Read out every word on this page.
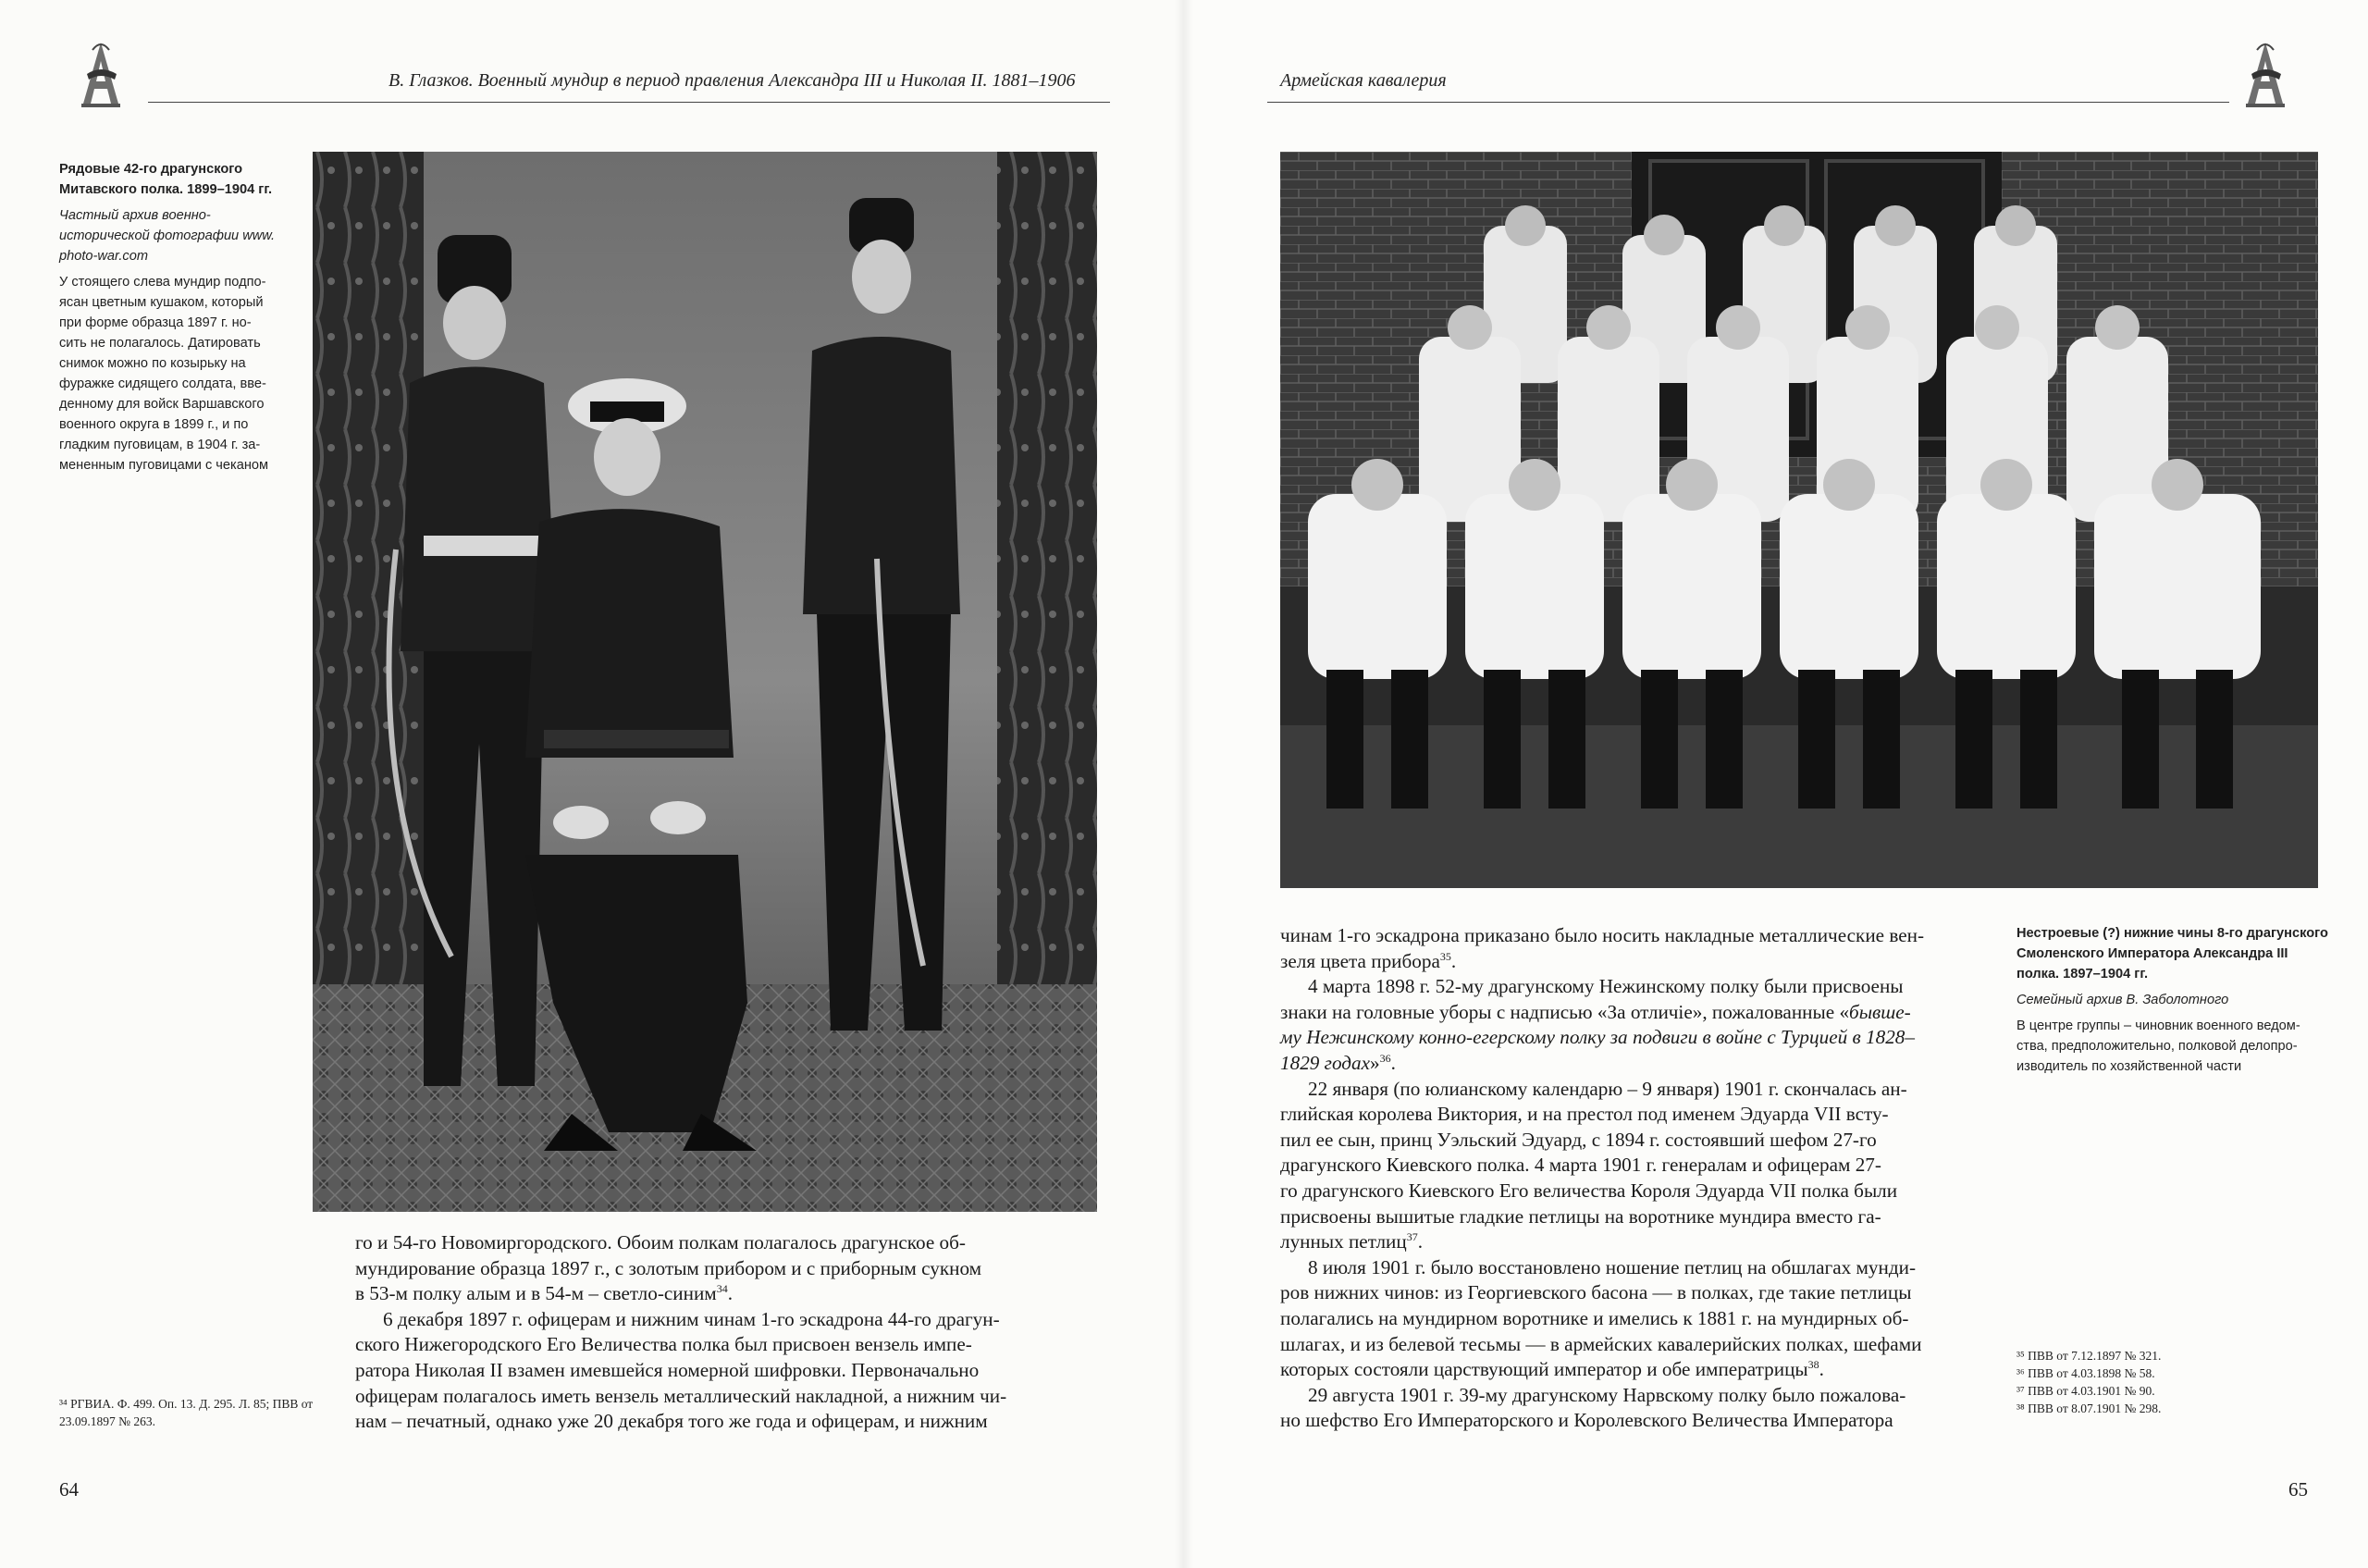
В. Глазков. Военный мундир в период правления Александра III и Николая II. 1881–1906	Армейская кавалерия
Рядовые 42-го драгунского
Митавского полка. 1899–1904 гг.
Частный архив военно-
исторической фотографии www.
photo-war.com
У стоящего слева мундир подпо-
ясан цветным кушаком, который
при форме образца 1897 г. но-
сить не полагалось. Датировать
снимок можно по козырьку на
фуражке сидящего солдата, вве-
денному для войск Варшавского
военного округа в 1899 г., и по
гладким пуговицам, в 1904 г. за-
мененным пуговицами с чеканом

го и 54-го Новомиргородского. Обоим полкам полагалось драгунское об-
мундирование образца 1897 г., с золотым прибором и с приборным сукном
в 53-м полку алым и в 54-м – светло-синим$^{34}$.

6 декабря 1897 г. офицерам и нижним чинам 1-го эскадрона 44-го драгун-
ского Нижегородского Его Величества полка был присвоен вензель импе-
ратора Николая II взамен имевшейся номерной шифровки. Первоначально
офицерам полагалось иметь вензель металлический накладной, а нижним чи-
нам – печатный, однако уже 20 декабря того же года и офицерам, и нижним

³⁴ РГВИА. Ф. 499. Оп. 13. Д. 295. Л. 85; ПВВ от
23.09.1897 № 263.
64

чинам 1-го эскадрона приказано было носить накладные металлические вен-
зеля цвета прибора$^{35}$.

4 марта 1898 г. 52-му драгунскому Нежинскому полку были присвоены
знаки на головные уборы с надписью «За отличіе», пожалованные «бывше-
му Нежинскому конно-егерскому полку за подвиги в войне с Турцией в 1828–
1829 годах»$^{36}$.

22 января (по юлианскому календарю – 9 января) 1901 г. скончалась ан-
глийская королева Виктория, и на престол под именем Эдуарда VII всту-
пил ее сын, принц Уэльский Эдуард, с 1894 г. состоявший шефом 27-го
драгунского Киевского полка. 4 марта 1901 г. генералам и офицерам 27-
го драгунского Киевского Его величества Короля Эдуарда VII полка были
присвоены вышитые гладкие петлицы на воротнике мундира вместо га-
лунных петлиц$^{37}$.

8 июля 1901 г. было восстановлено ношение петлиц на обшлагах мунди-
ров нижних чинов: из Георгиевского басона — в полках, где такие петлицы
полагались на мундирном воротнике и имелись к 1881 г. на мундирных об-
шлагах, и из белевой тесьмы — в армейских кавалерийских полках, шефами
которых состояли царствующий император и обе императрицы$^{38}$.

29 августа 1901 г. 39-му драгунскому Нарвскому полку было пожалова-
но шефство Его Императорского и Королевского Величества Императора

Нестроевые (?) нижние чины 8-го драгунского
Смоленского Императора Александра III
полка. 1897–1904 гг.
Семейный архив В. Заболотного
В центре группы – чиновник военного ведом-
ства, предположительно, полковой делопро-
изводитель по хозяйственной части
³⁵ ПВВ от 7.12.1897 № 321.
³⁶ ПВВ от 4.03.1898 № 58.
³⁷ ПВВ от 4.03.1901 № 90.
³⁸ ПВВ от 8.07.1901 № 298.
65
